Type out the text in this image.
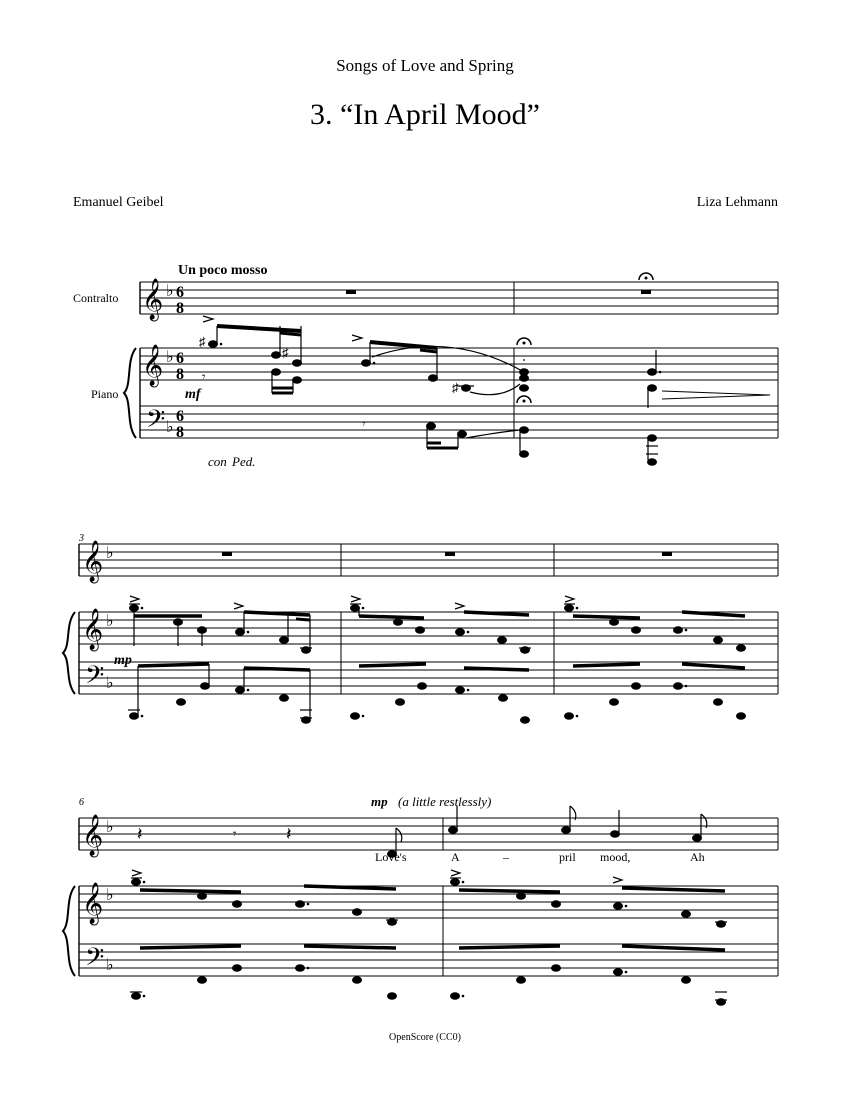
Songs of Love and Spring
3. “In April Mood”
Emanuel Geibel	Liza Lehmann
𝄞
𝄞
𝄢
♭
♭
♭
6
8
6
8
6
8
Un poco mosso
Contralto
Piano
♯
♯
𝄾
♯
𝄾
mf
con Ped.
3
𝄞
𝄞
𝄢
♭
♭
♭
mp
6
𝄞
𝄞
𝄢
♭
♭
♭
mp (a little restlessly)
𝄽	𝄾	𝄽
Love's	A	–	pril mood,	Ah
OpenScore (CC0)
